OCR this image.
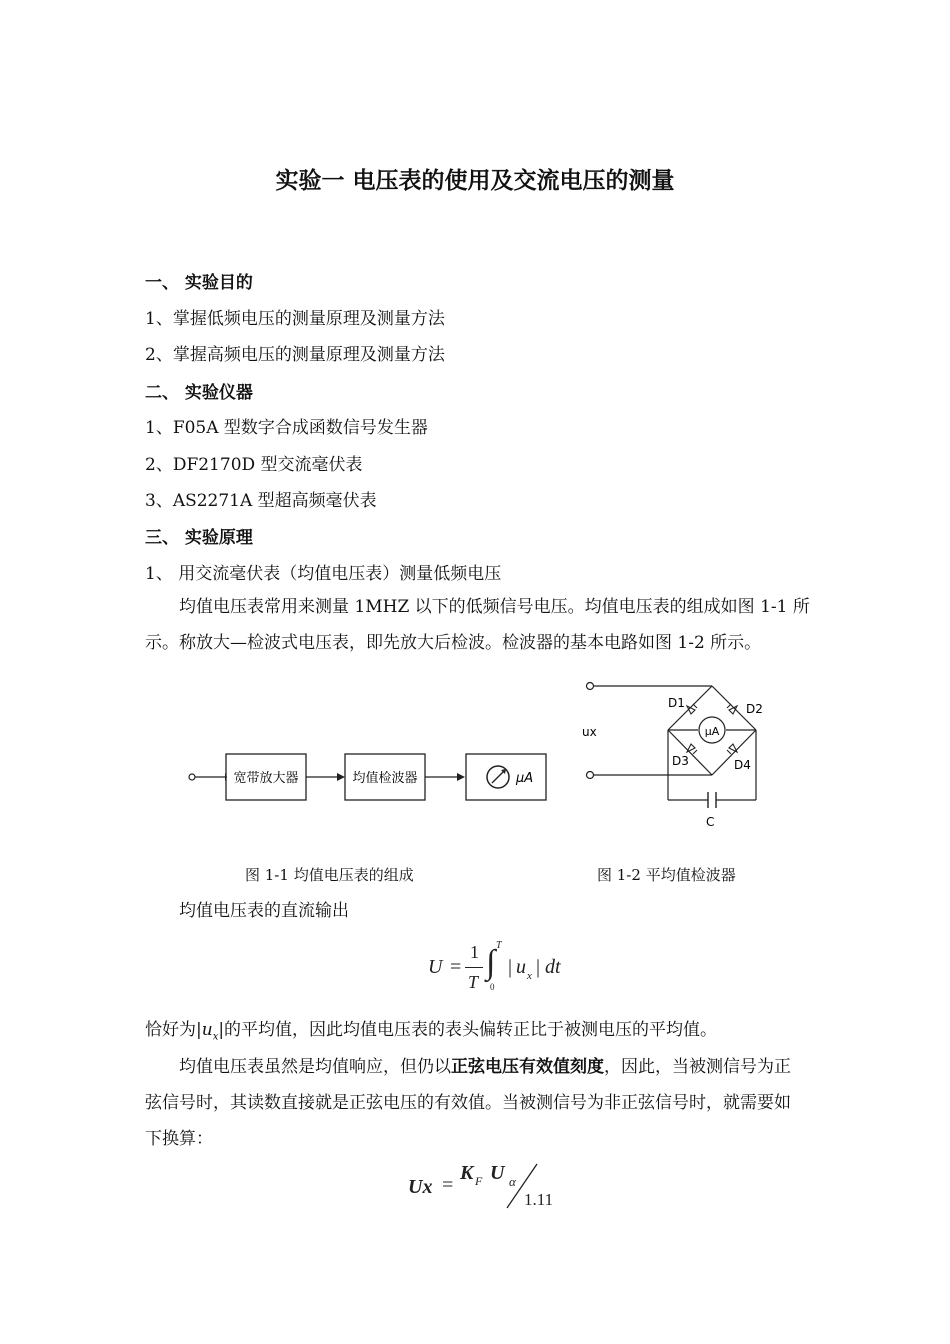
实验一 电压表的使用及交流电压的测量
一、 实验目的
1、掌握低频电压的测量原理及测量方法
2、掌握高频电压的测量原理及测量方法
二、 实验仪器
1、F05A 型数字合成函数信号发生器
2、DF2170D 型交流毫伏表
3、AS2271A 型超高频毫伏表
三、 实验原理
1、 用交流毫伏表（均值电压表）测量低频电压
均值电压表常用来测量 1MHZ 以下的低频信号电压。均值电压表的组成如图 1-1 所示。称放大—检波式电压表，即先放大后检波。检波器的基本电路如图 1-2 所示。
宽带放大器	均值检波器	μA
图 1-1 均值电压表的组成
ux	μA
C
D1	D2
D3	D4
图 1-2 平均值检波器
均值电压表的直流输出
U =
1
T
∫ T
0
| u x | dt
恰好为$|u_x|$的平均值，因此均值电压表的表头偏转正比于被测电压的平均值。
均值电压表虽然是均值响应，但仍以正弦电压有效值刻度，因此，当被测信号为正弦信号时，其读数直接就是正弦电压的有效值。当被测信号为非正弦信号时，就需要如下换算：
Ux =
K F U α
1.11
